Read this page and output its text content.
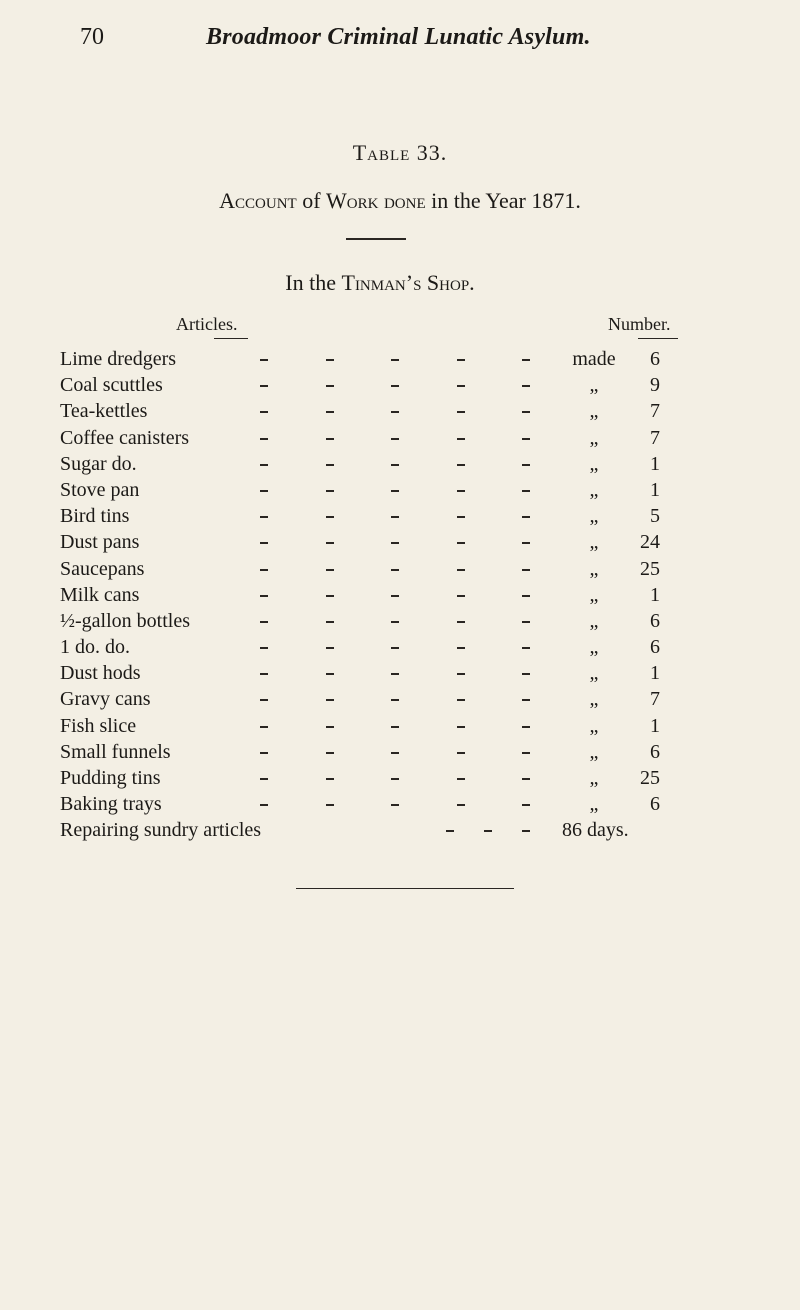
70	Broadmoor Criminal Lunatic Asylum.
Table 33.
Account of Work done in the Year 1871.
In the Tinman’s Shop.
Articles.	Number.
Lime dredgers	made	6
Coal scuttles	„	9
Tea-kettles	„	7
Coffee canisters	„	7
Sugar do.	„	1
Stove pan	„	1
Bird tins	„	5
Dust pans	„	24
Saucepans	„	25
Milk cans	„	1
½-gallon bottles	„	6
1 do. do.	„	6
Dust hods	„	1
Gravy cans	„	7
Fish slice	„	1
Small funnels	„	6
Pudding tins	„	25
Baking trays	„	6
Repairing sundry articles	86 days.
